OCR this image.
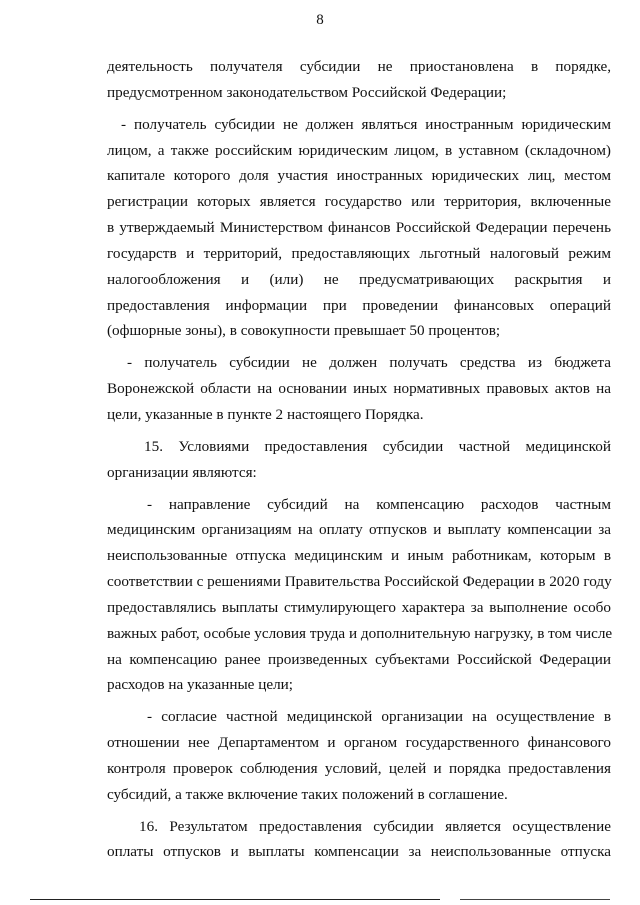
8
деятельность получателя субсидии не приостановлена в порядке,
предусмотренном законодательством Российской Федерации;
- получатель субсидии не должен являться иностранным юридическим
лицом, а также российским юридическим лицом, в уставном (складочном)
капитале которого доля участия иностранных юридических лиц, местом
регистрации которых является государство или территория, включенные
в утверждаемый Министерством финансов Российской Федерации перечень
государств и территорий, предоставляющих льготный налоговый режим
налогообложения и (или) не предусматривающих раскрытия и
предоставления информации при проведении финансовых операций
(офшорные зоны), в совокупности превышает 50 процентов;
- получатель субсидии не должен получать средства из бюджета
Воронежской области на основании иных нормативных правовых актов на
цели, указанные в пункте 2 настоящего Порядка.
15. Условиями предоставления субсидии частной медицинской
организации являются:
- направление субсидий на компенсацию расходов частным
медицинским организациям на оплату отпусков и выплату компенсации за
неиспользованные отпуска медицинским и иным работникам, которым в
соответствии с решениями Правительства Российской Федерации в 2020 году
предоставлялись выплаты стимулирующего характера за выполнение особо
важных работ, особые условия труда и дополнительную нагрузку, в том числе
на компенсацию ранее произведенных субъектами Российской Федерации
расходов на указанные цели;
- согласие частной медицинской организации на осуществление в
отношении нее Департаментом и органом государственного финансового
контроля проверок соблюдения условий, целей и порядка предоставления
субсидий, а также включение таких положений в соглашение.
16. Результатом предоставления субсидии является осуществление
оплаты отпусков и выплаты компенсации за неиспользованные отпуска
